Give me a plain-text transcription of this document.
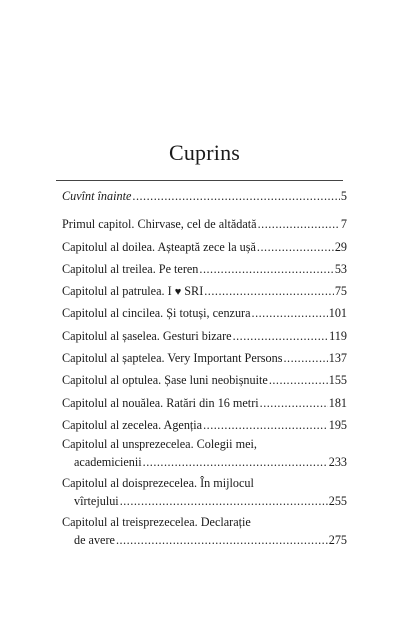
Cuprins
Cuvînt înainte .....	5
Primul capitol. Chirvase, cel de altădată .....	7
Capitolul al doilea. Așteaptă zece la ușă .....	29
Capitolul al treilea. Pe teren .....	53
Capitolul al patrulea. I ♥ SRI .....	75
Capitolul al cincilea. Și totuși, cenzura .....	101
Capitolul al șaselea. Gesturi bizare .....	119
Capitolul al șaptelea. Very Important Persons .....	137
Capitolul al optulea. Șase luni neobișnuite .....	155
Capitolul al nouălea. Ratări din 16 metri .....	181
Capitolul al zecelea. Agenția .....	195
Capitolul al unsprezecelea. Colegii mei,
academicienii .....	233
Capitolul al doisprezecelea. În mijlocul
vîrtejului .....	255
Capitolul al treisprezecelea. Declarație
de avere .....	275
